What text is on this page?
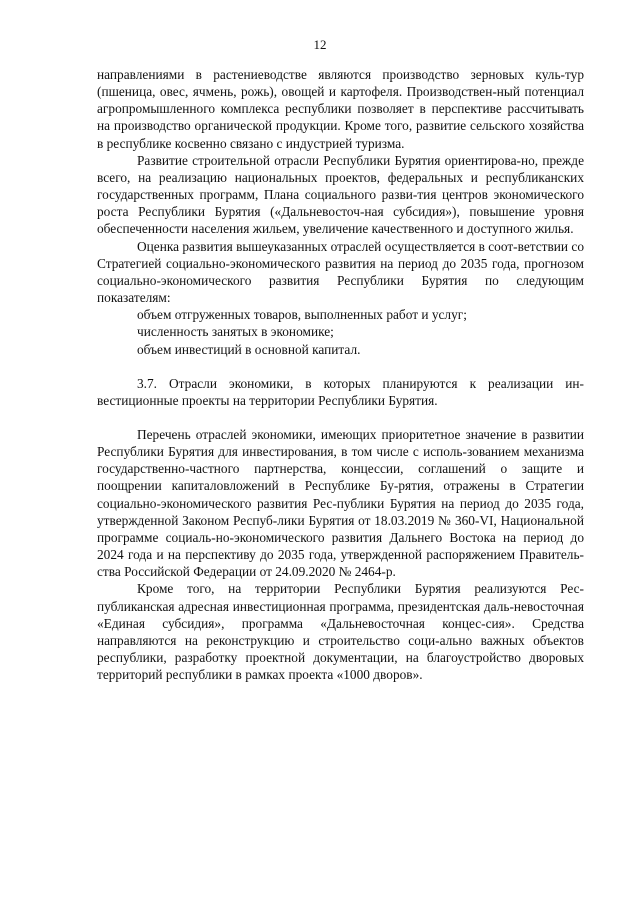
12

направлениями в растениеводстве являются производство зерновых куль-тур (пшеница, овес, ячмень, рожь), овощей и картофеля. Производствен-ный потенциал агропромышленного комплекса республики позволяет в перспективе рассчитывать на производство органической продукции. Кроме того, развитие сельского хозяйства в республике косвенно связано с индустрией туризма.

Развитие строительной отрасли Республики Бурятия ориентирова-но, прежде всего, на реализацию национальных проектов, федеральных и республиканских государственных программ, Плана социального разви-тия центров экономического роста Республики Бурятия («Дальневосточ-ная субсидия»), повышение уровня обеспеченности населения жильем, увеличение качественного и доступного жилья.

Оценка развития вышеуказанных отраслей осуществляется в соот-ветствии со Стратегией социально-экономического развития на период до 2035 года, прогнозом социально-экономического развития Республики Бурятия по следующим показателям:

объем отгруженных товаров, выполненных работ и услуг;

численность занятых в экономике;

объем инвестиций в основной капитал.

3.7. Отрасли экономики, в которых планируются к реализации ин-вестиционные проекты на территории Республики Бурятия.

Перечень отраслей экономики, имеющих приоритетное значение в развитии Республики Бурятия для инвестирования, в том числе с исполь-зованием механизма государственно-частного партнерства, концессии, соглашений о защите и поощрении капиталовложений в Республике Бу-рятия, отражены в Стратегии социально-экономического развития Рес-публики Бурятия на период до 2035 года, утвержденной Законом Респуб-лики Бурятия от 18.03.2019 № 360-VI, Национальной программе социаль-но-экономического развития Дальнего Востока на период до 2024 года и на перспективу до 2035 года, утвержденной распоряжением Правитель-ства Российской Федерации от 24.09.2020 № 2464-р.

Кроме того, на территории Республики Бурятия реализуются Рес-публиканская адресная инвестиционная программа, президентская даль-невосточная «Единая субсидия», программа «Дальневосточная концес-сия». Средства направляются на реконструкцию и строительство соци-ально важных объектов республики, разработку проектной документации, на благоустройство дворовых территорий республики в рамках проекта «1000 дворов».
